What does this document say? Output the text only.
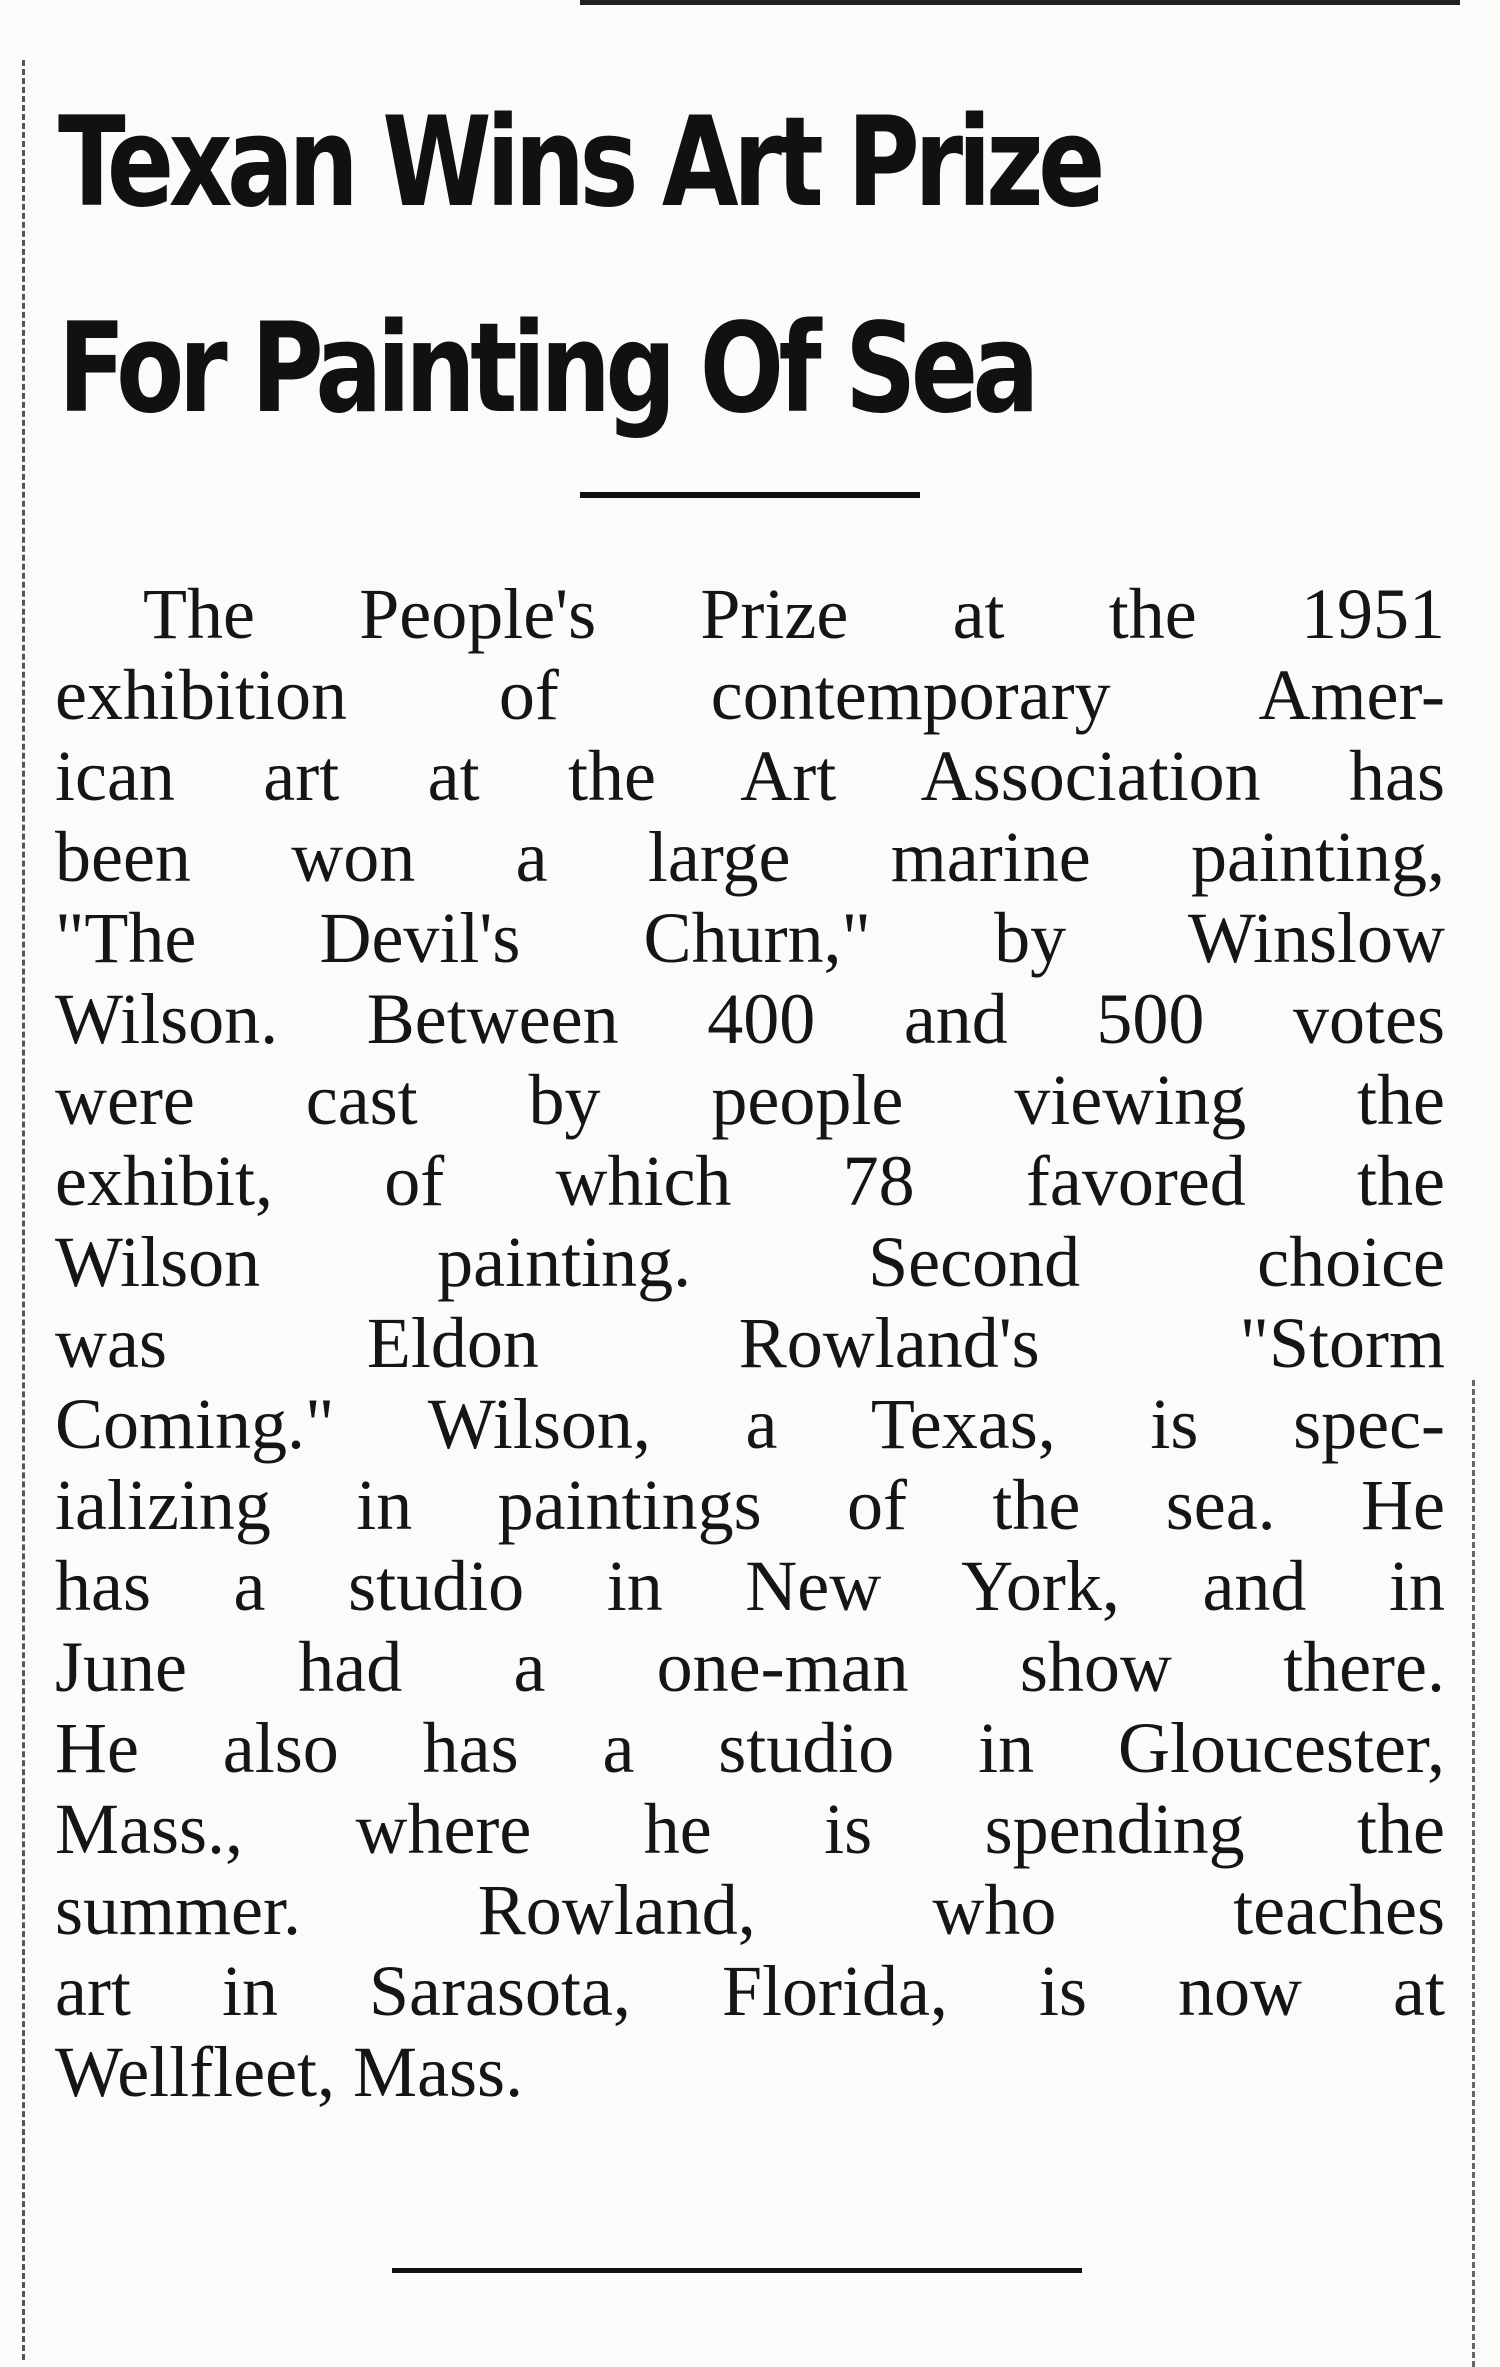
Texan Wins Art Prize
For Painting Of Sea
The People's Prize at the 1951
exhibition of contemporary Amer-
ican art at the Art Association has
been won a large marine painting,
"The Devil's Churn," by Winslow
Wilson. Between 400 and 500 votes
were cast by people viewing the
exhibit, of which 78 favored the
Wilson painting. Second choice
was Eldon Rowland's "Storm
Coming." Wilson, a Texas, is spec-
ializing in paintings of the sea. He
has a studio in New York, and in
June had a one-man show there.
He also has a studio in Gloucester,
Mass., where he is spending the
summer. Rowland, who teaches
art in Sarasota, Florida, is now at
Wellfleet, Mass.
